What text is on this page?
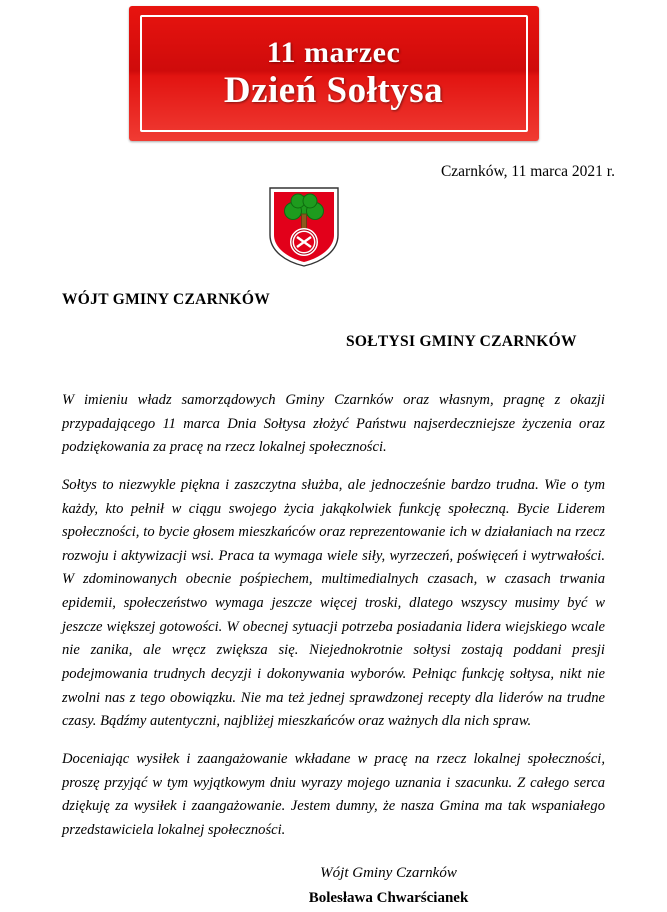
11 marzec
Dzień Sołtysa
Czarnków, 11 marca 2021 r.
WÓJT GMINY CZARNKÓW
SOŁTYSI GMINY CZARNKÓW

W imieniu władz samorządowych Gminy Czarnków oraz własnym, pragnę z okazji przypadającego 11 marca Dnia Sołtysa złożyć Państwu najserdeczniejsze życzenia oraz podziękowania za pracę na rzecz lokalnej społeczności.

Sołtys to niezwykle piękna i zaszczytna służba, ale jednocześnie bardzo trudna. Wie o tym każdy, kto pełnił w ciągu swojego życia jakąkolwiek funkcję społeczną. Bycie Liderem społeczności, to bycie głosem mieszkańców oraz reprezentowanie ich w działaniach na rzecz rozwoju i aktywizacji wsi. Praca ta wymaga wiele siły, wyrzeczeń, poświęceń i wytrwałości. W zdominowanych obecnie pośpiechem, multimedialnych czasach, w czasach trwania epidemii, społeczeństwo wymaga jeszcze więcej troski, dlatego wszyscy musimy być w jeszcze większej gotowości. W obecnej sytuacji potrzeba posiadania lidera wiejskiego wcale nie zanika, ale wręcz zwiększa się. Niejednokrotnie sołtysi zostają poddani presji podejmowania trudnych decyzji i dokonywania wyborów. Pełniąc funkcję sołtysa, nikt nie zwolni nas z tego obowiązku. Nie ma też jednej sprawdzonej recepty dla liderów na trudne czasy. Bądźmy autentyczni, najbliżej mieszkańców oraz ważnych dla nich spraw.

Doceniając wysiłek i zaangażowanie wkładane w pracę na rzecz lokalnej społeczności, proszę przyjąć w tym wyjątkowym dniu wyrazy mojego uznania i szacunku. Z całego serca dziękuję za wysiłek i zaangażowanie. Jestem dumny, że nasza Gmina ma tak wspaniałego przedstawiciela lokalnej społeczności.

Wójt Gminy Czarnków
Bolesława Chwarścianek
